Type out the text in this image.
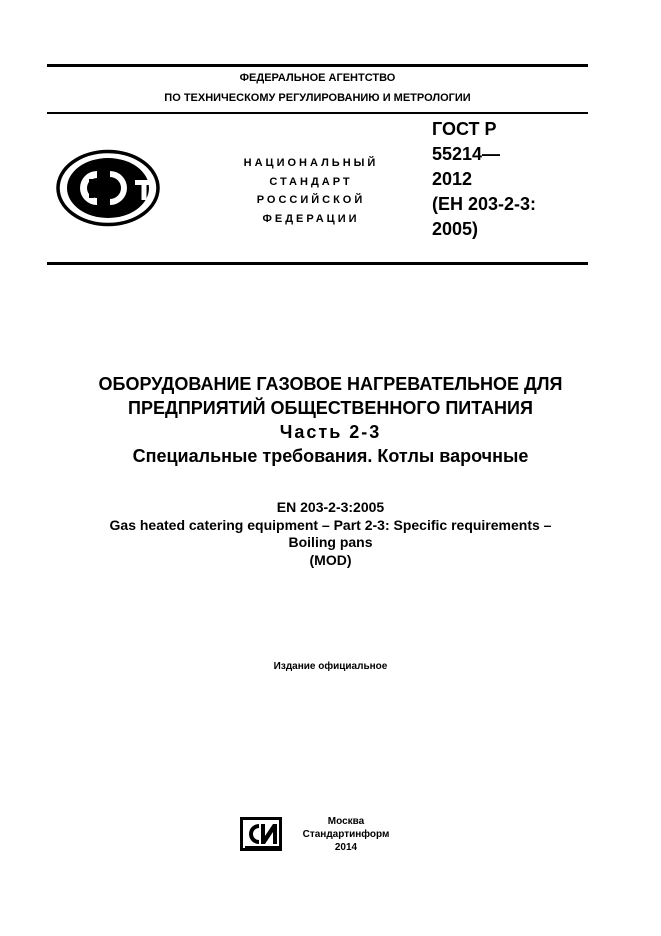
ФЕДЕРАЛЬНОЕ АГЕНТСТВО
ПО ТЕХНИЧЕСКОМУ РЕГУЛИРОВАНИЮ И МЕТРОЛОГИИ
НАЦИОНАЛЬНЫЙ
СТАНДАРТ
РОССИЙСКОЙ
ФЕДЕРАЦИИ
ГОСТ Р
55214—
2012
(ЕН 203-2-3:
2005)
ОБОРУДОВАНИЕ ГАЗОВОЕ НАГРЕВАТЕЛЬНОЕ ДЛЯ
ПРЕДПРИЯТИЙ ОБЩЕСТВЕННОГО ПИТАНИЯ
Часть 2-3
Специальные требования. Котлы варочные
EN 203-2-3:2005
Gas heated catering equipment – Part 2-3: Specific requirements –
Boiling pans
(MOD)
Издание официальное
Москва
Стандартинформ
2014
